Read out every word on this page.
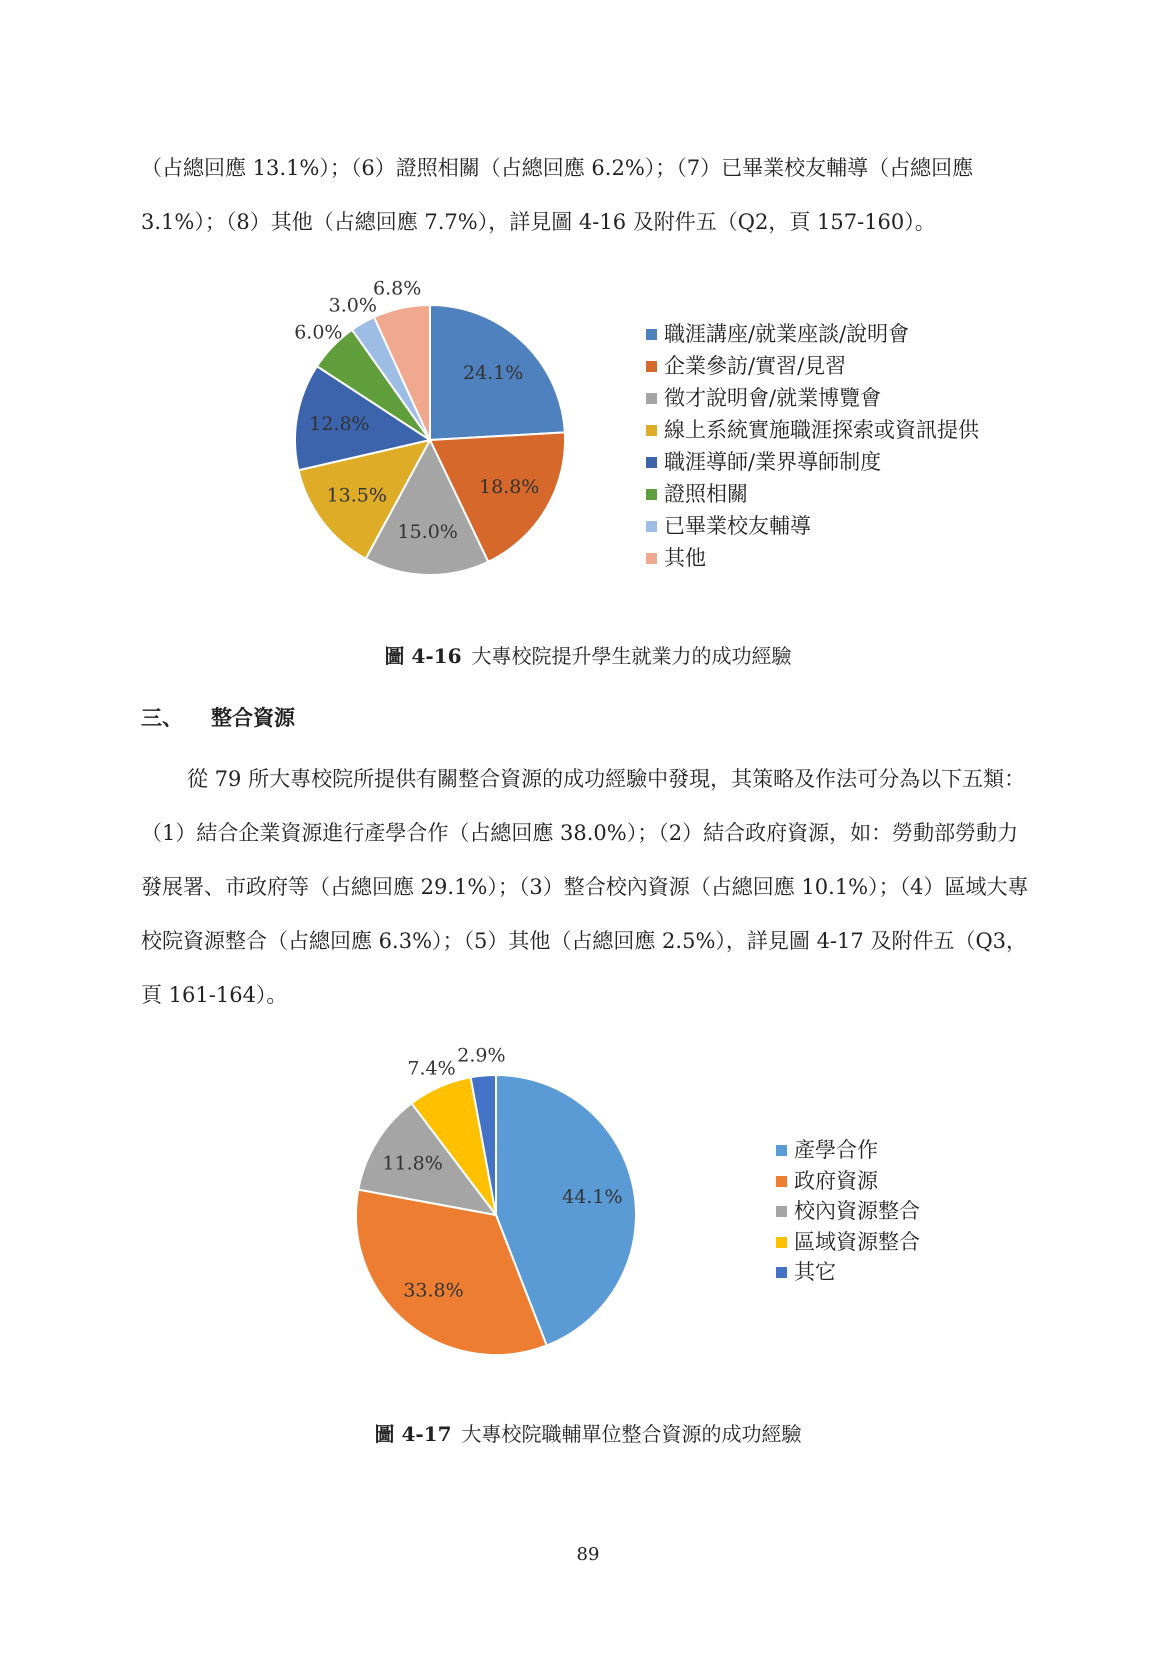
（占總回應 13.1%）；（6）證照相關（占總回應 6.2%）；（7）已畢業校友輔導（占總回應 3.1%）；（8）其他（占總回應 7.7%），詳見圖 4-16 及附件五（Q2，頁 157-160）。

24.1%
18.8%
15.0%
13.5%
12.8%
6.0%
3.0%
6.8%
職涯講座/就業座談/說明會
企業參訪/實習/見習
徵才說明會/就業博覽會
線上系統實施職涯探索或資訊提供
職涯導師/業界導師制度
證照相關
已畢業校友輔導
其他
圖 4-16 大專校院提升學生就業力的成功經驗
三、 整合資源

從 79 所大專校院所提供有關整合資源的成功經驗中發現，其策略及作法可分為以下五類：（1）結合企業資源進行產學合作（占總回應 38.0%）；（2）結合政府資源，如：勞動部勞動力發展署、市政府等（占總回應 29.1%）；（3）整合校內資源（占總回應 10.1%）；（4）區域大專校院資源整合（占總回應 6.3%）；（5）其他（占總回應 2.5%），詳見圖 4-17 及附件五（Q3，頁 161-164）。

44.1%
33.8%
11.8%
7.4%
2.9%
產學合作
政府資源
校內資源整合
區域資源整合
其它
圖 4-17 大專校院職輔單位整合資源的成功經驗
89
